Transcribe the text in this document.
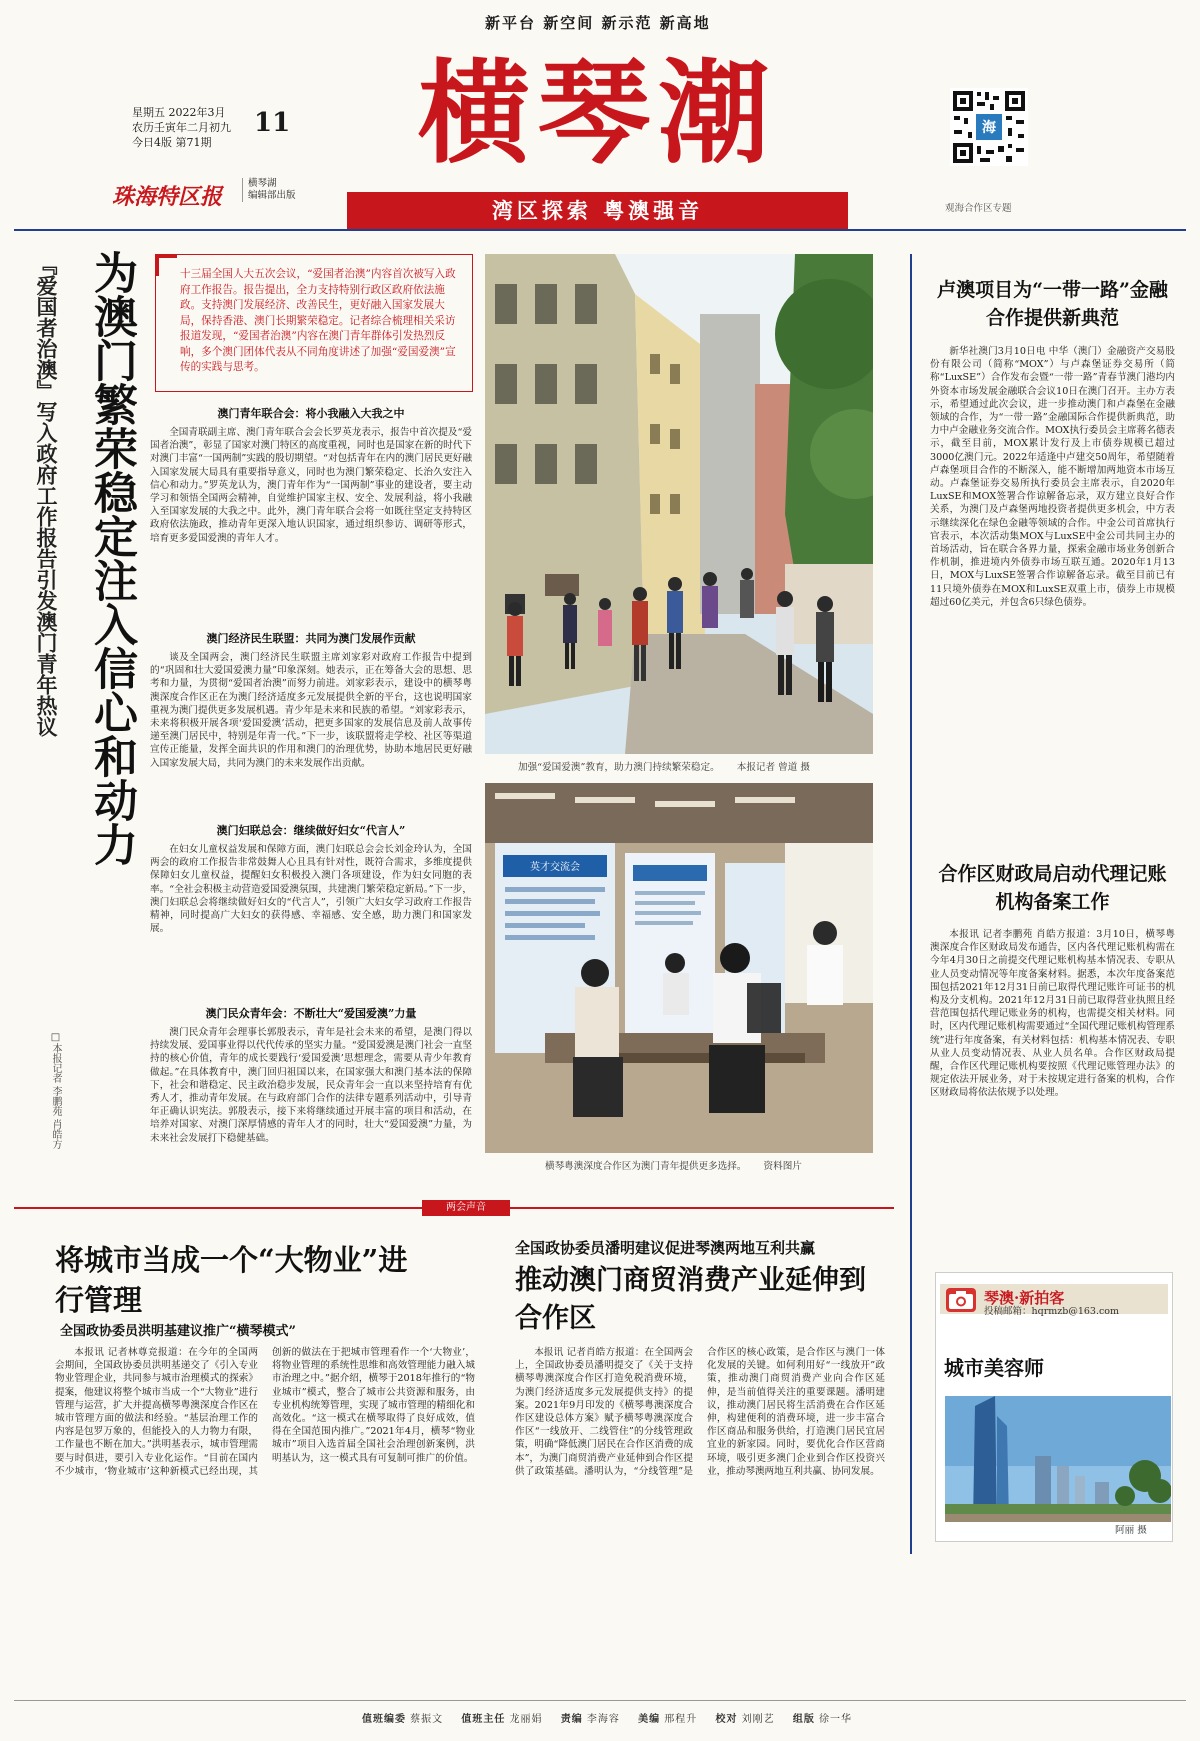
新平台 新空间 新示范 新高地
星期五 2022年3月
农历壬寅年二月初九
今日4版 第71期
11
珠海特区报
横琴湖
编辑部出版
横琴潮
湾区探索 粤澳强音
海
观海合作区专题
为澳门繁荣稳定注入信心和动力
『爱国者治澳』写入政府工作报告引发澳门青年热议
□本报记者 李鹏苑 肖皓方
十三届全国人大五次会议，“爱国者治澳”内容首次被写入政府工作报告。报告提出，全力支持特别行政区政府依法施政。支持澳门发展经济、改善民生，更好融入国家发展大局，保持香港、澳门长期繁荣稳定。记者综合梳理相关采访报道发现，“爱国者治澳”内容在澳门青年群体引发热烈反响，多个澳门团体代表从不同角度讲述了加强“爱国爱澳”宣传的实践与思考。
澳门青年联合会：将小我融入大我之中
全国青联副主席、澳门青年联合会会长罗英龙表示，报告中首次提及“爱国者治澳”，彰显了国家对澳门特区的高度重视，同时也是国家在新的时代下对澳门丰富“一国两制”实践的殷切期望。“对包括青年在内的澳门居民更好融入国家发展大局具有重要指导意义，同时也为澳门繁荣稳定、长治久安注入信心和动力。”罗英龙认为，澳门青年作为“一国两制”事业的建设者，要主动学习和领悟全国两会精神，自觉维护国家主权、安全、发展利益，将小我融入至国家发展的大我之中。此外，澳门青年联合会将一如既往坚定支持特区政府依法施政，推动青年更深入地认识国家，通过组织参访、调研等形式，培育更多爱国爱澳的青年人才。
澳门经济民生联盟：共同为澳门发展作贡献
谈及全国两会，澳门经济民生联盟主席刘家彩对政府工作报告中提到的“巩固和壮大爱国爱澳力量”印象深刻。她表示，正在筹备大会的思想、思考和力量，为贯彻“爱国者治澳”而努力前进。刘家彩表示，建设中的横琴粤澳深度合作区正在为澳门经济适度多元发展提供全新的平台，这也说明国家重视为澳门提供更多发展机遇。青少年是未来和民族的希望。“刘家彩表示，未来将积极开展各项‘爱国爱澳’活动，把更多国家的发展信息及前人故事传递至澳门居民中，特别是年青一代。”下一步，该联盟将走学校、社区等渠道宣传正能量，发挥全面共识的作用和澳门的治理优势，协助本地居民更好融入国家发展大局，共同为澳门的未来发展作出贡献。
澳门妇联总会：继续做好妇女“代言人”
在妇女儿童权益发展和保障方面，澳门妇联总会会长刘金玲认为，全国两会的政府工作报告非常鼓舞人心且具有针对性，既符合需求，多维度提供保障妇女儿童权益，提醒妇女积极投入澳门各项建设，作为妇女同胞的表率。“全社会积极主动营造爱国爱澳氛围，共建澳门繁荣稳定新局。”下一步，澳门妇联总会将继续做好妇女的“代言人”，引领广大妇女学习政府工作报告精神，同时提高广大妇女的获得感、幸福感、安全感，助力澳门和国家发展。
澳门民众青年会：不断壮大“爱国爱澳”力量
澳门民众青年会理事长郭殷表示，青年是社会未来的希望，是澳门得以持续发展、爱国事业得以代代传承的坚实力量。“爱国爱澳是澳门社会一直坚持的核心价值，青年的成长要践行‘爱国爱澳’思想理念，需要从青少年教育做起。”在具体教育中，澳门回归祖国以来，在国家强大和澳门基本法的保障下，社会和谐稳定、民主政治稳步发展，民众青年会一直以来坚持培育有优秀人才，推动青年发展。在与政府部门合作的法律专题系列活动中，引导青年正确认识宪法。郭殷表示，接下来将继续通过开展丰富的项目和活动，在培养对国家、对澳门深厚情感的青年人才的同时，壮大“爱国爱澳”力量，为未来社会发展打下稳健基础。
加强“爱国爱澳”教育，助力澳门持续繁荣稳定。 本报记者 曾道 摄
英才交流会
横琴粤澳深度合作区为澳门青年提供更多选择。 资料图片
卢澳项目为“一带一路”金融合作提供新典范
新华社澳门3月10日电 中华（澳门）金融资产交易股份有限公司（简称“MOX”）与卢森堡证券交易所（简称“LuxSE”）合作发布会暨“一带一路”青春节澳门港均内外资本市场发展金融联合会议10日在澳门召开。主办方表示，希望通过此次会议，进一步推动澳门和卢森堡在金融领域的合作，为“一带一路”金融国际合作提供新典范，助力中卢金融业务交流合作。MOX执行委员会主席蒋名德表示，截至目前，MOX累计发行及上市债券规模已超过3000亿澳门元。2022年适逢中卢建交50周年，希望随着卢森堡项目合作的不断深入，能不断增加两地资本市场互动。卢森堡证券交易所执行委员会主席表示，自2020年LuxSE和MOX签署合作谅解备忘录，双方建立良好合作关系，为澳门及卢森堡两地投资者提供更多机会，中方表示继续深化在绿色金融等领域的合作。中金公司首席执行官表示，本次活动集MOX与LuxSE中金公司共同主办的首场活动，旨在联合各界力量，探索金融市场业务创新合作机制，推进境内外债券市场互联互通。2020年1月13日，MOX与LuxSE签署合作谅解备忘录。截至目前已有11只境外债券在MOX和LuxSE双重上市，债券上市规模超过60亿美元，并包含6只绿色债券。
合作区财政局启动代理记账机构备案工作
本报讯 记者李鹏苑 肖皓方报道：3月10日，横琴粤澳深度合作区财政局发布通告，区内各代理记账机构需在今年4月30日之前提交代理记账机构基本情况表、专职从业人员变动情况等年度备案材料。据悉，本次年度备案范围包括2021年12月31日前已取得代理记账许可证书的机构及分支机构。2021年12月31日前已取得营业执照且经营范围包括代理记账业务的机构，也需提交相关材料。同时，区内代理记账机构需要通过“全国代理记账机构管理系统”进行年度备案，有关材料包括：机构基本情况表、专职从业人员变动情况表、从业人员名单。合作区财政局提醒，合作区代理记账机构要按照《代理记账管理办法》的规定依法开展业务，对于未按规定进行备案的机构，合作区财政局将依法依规予以处理。
琴澳·新拍客
投稿邮箱：hqrmzb@163.com
城市美容师
阿丽 摄
两会声音
将城市当成一个“大物业”进行管理
全国政协委员洪明基建议推广“横琴模式”
本报讯 记者林尊竞报道：在今年的全国两会期间，全国政协委员洪明基递交了《引入专业物业管理企业，共同参与城市治理模式的探索》提案，他建议将整个城市当成一个“大物业”进行管理与运营，扩大并提高横琴粤澳深度合作区在城市管理方面的做法和经验。“基层治理工作的内容是包罗万象的，但能投入的人力物力有限，工作量也不断在加大。”洪明基表示，城市管理需要与时俱进，要引入专业化运作。“目前在国内不少城市，‘物业城市’这种新模式已经出现，其创新的做法在于把城市管理看作一个‘大物业’，将物业管理的系统性思维和高效管理能力融入城市治理之中。”据介绍，横琴于2018年推行的“物业城市”模式，整合了城市公共资源和服务，由专业机构统筹管理，实现了城市管理的精细化和高效化。“这一模式在横琴取得了良好成效，值得在全国范围内推广。”2021年4月，横琴“物业城市”项目入选首届全国社会治理创新案例，洪明基认为，这一模式具有可复制可推广的价值。
全国政协委员潘明建议促进琴澳两地互利共赢
推动澳门商贸消费产业延伸到合作区
本报讯 记者肖皓方报道：在全国两会上，全国政协委员潘明提交了《关于支持横琴粤澳深度合作区打造免税消费环境，为澳门经济适度多元发展提供支持》的提案。2021年9月印发的《横琴粤澳深度合作区建设总体方案》赋予横琴粤澳深度合作区“一线放开、二线管住”的分线管理政策，明确“降低澳门居民在合作区消费的成本”，为澳门商贸消费产业延伸到合作区提供了政策基础。潘明认为，“分线管理”是合作区的核心政策，是合作区与澳门一体化发展的关键。如何利用好“一线放开”政策，推动澳门商贸消费产业向合作区延伸，是当前值得关注的重要课题。潘明建议，推动澳门居民将生活消费在合作区延伸，构建便利的消费环境，进一步丰富合作区商品和服务供给，打造澳门居民宜居宜业的新家园。同时，要优化合作区营商环境，吸引更多澳门企业到合作区投资兴业，推动琴澳两地互利共赢、协同发展。
值班编委 蔡振文 值班主任 龙丽娟 责编 李海容 美编 邢程升 校对 刘刚艺 组版 徐一华
